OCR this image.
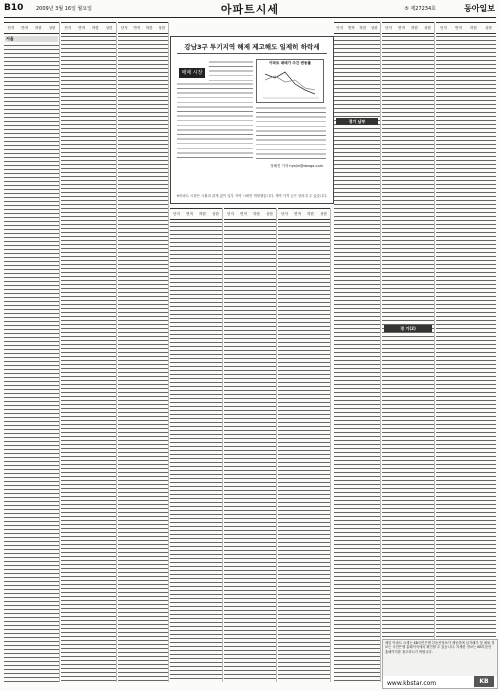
B10	2009년 3월 16일 월요일	아파트시세	⑤ 제27234호	동아일보
단지	면적	하한	상한
서울
단지	면적	하한	상한	단지	면적	하한	상한
강남3구 투기지역 해제 제고해도 일제히 하락세
매매 시장
아파트 매매가 주간 변동률
정혜진 기자 hyejin@donga.com
※아파트 시장은 시황과 관계 없이 일부 지역 시세만 게재했습니다. 계약 가격 등은 달라질 수 있습니다.
단지	면적	하한	상한	단지	면적	하한	상한	단지	면적	하한	상한
단지	면적	하한	상한	단지	면적	하한	상한	단지	면적	하한	상한
경기 남부
경 기(2)
매일 아파트 시세는 KB국민은행 부동산정보가 제공하며 실거래가 및 매물 정보는 국민은행 홈페이지에서 확인할 수 있습니다. 자세한 정보는 KB부동산 홈페이지를 참고하시기 바랍니다.
www.kbstar.com	KB
